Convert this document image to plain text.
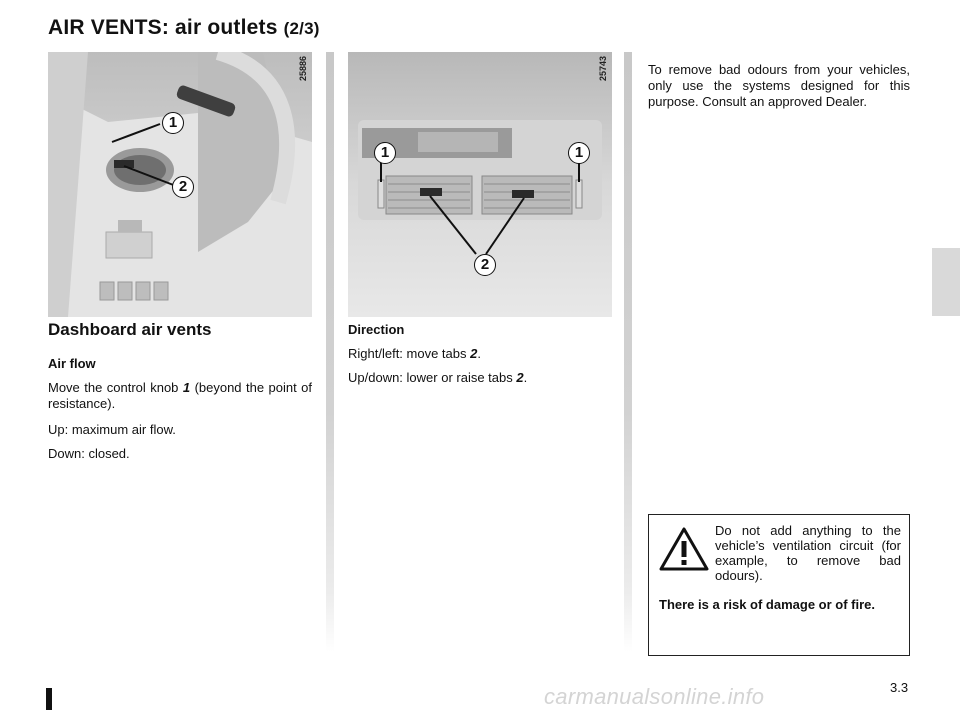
AIR VENTS: air outlets (2/3)
25886
1
2
25743
1	1
2
Dashboard air vents
Air flow
Move the control knob 1 (beyond the point of resistance).
Up: maximum air flow.
Down: closed.
Direction
Right/left: move tabs 2.
Up/down: lower or raise tabs 2.
To remove bad odours from your vehicles, only use the systems designed for this purpose. Consult an approved Dealer.
Do not add anything to the vehicle’s ventilation circuit (for example, to remove bad odours).
There is a risk of damage or of fire.
3.3
carmanualsonline.info
